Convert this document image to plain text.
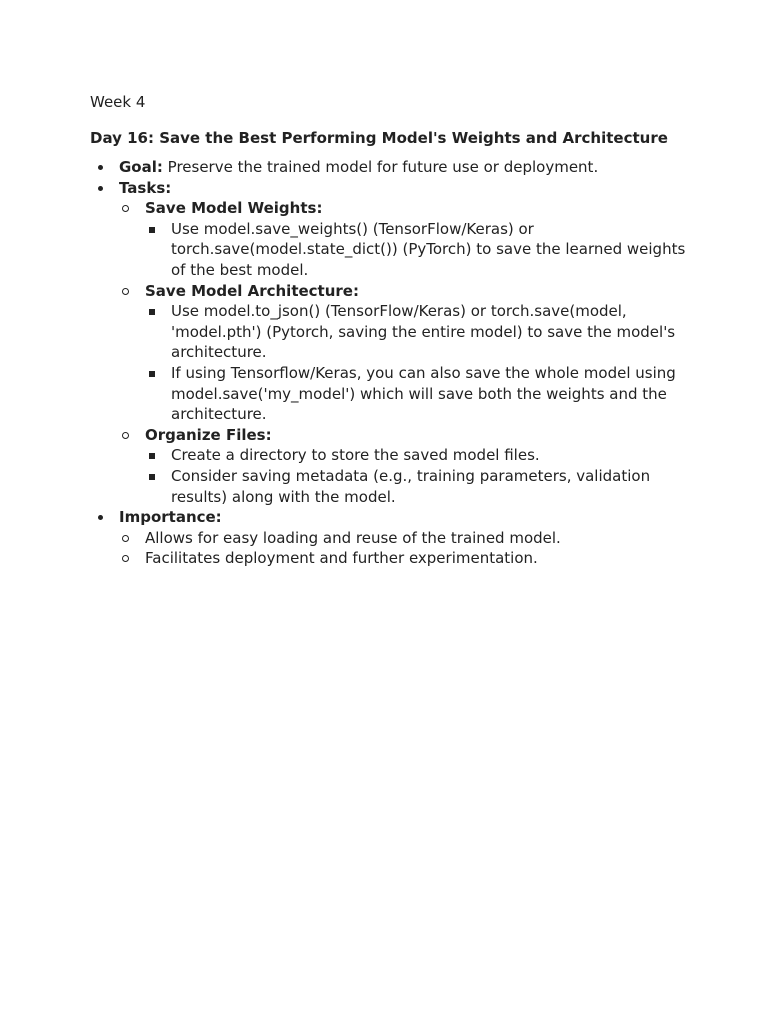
Week 4
Day 16: Save the Best Performing Model's Weights and Architecture
Goal: Preserve the trained model for future use or deployment.
Tasks:
Save Model Weights:
Use model.save_weights() (TensorFlow/Keras) or torch.save(model.state_dict()) (PyTorch) to save the learned weights of the best model.
Save Model Architecture:
Use model.to_json() (TensorFlow/Keras) or torch.save(model, 'model.pth') (Pytorch, saving the entire model) to save the model's architecture.
If using Tensorflow/Keras, you can also save the whole model using model.save('my_model') which will save both the weights and the architecture.
Organize Files:
Create a directory to store the saved model files.
Consider saving metadata (e.g., training parameters, validation results) along with the model.
Importance:
Allows for easy loading and reuse of the trained model.
Facilitates deployment and further experimentation.
